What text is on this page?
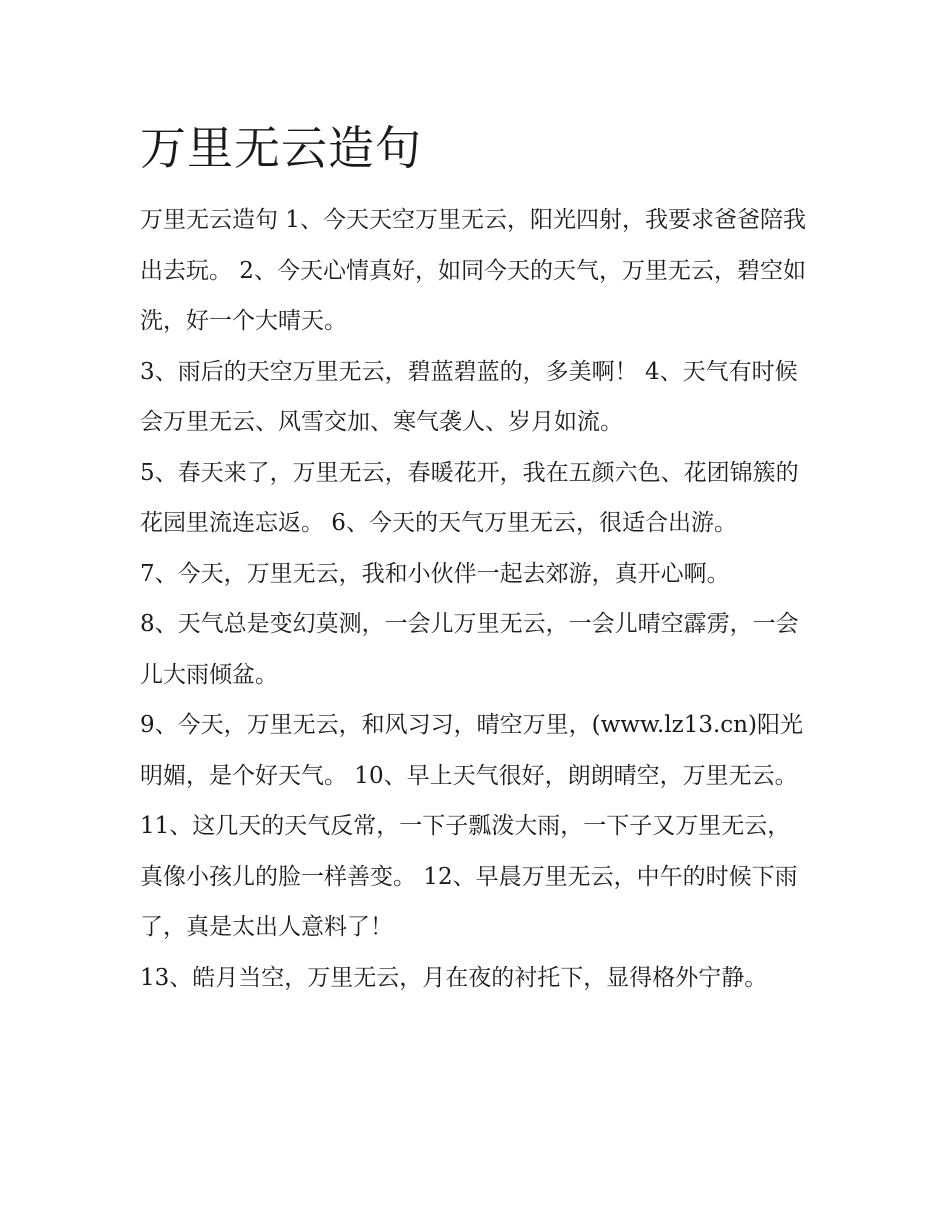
万里无云造句

万里无云造句 1、今天天空万里无云，阳光四射，我要求爸爸陪我出去玩。 2、今天心情真好，如同今天的天气，万里无云，碧空如洗，好一个大晴天。

3、雨后的天空万里无云，碧蓝碧蓝的，多美啊！ 4、天气有时候会万里无云、风雪交加、寒气袭人、岁月如流。

5、春天来了，万里无云，春暖花开，我在五颜六色、花团锦簇的花园里流连忘返。 6、今天的天气万里无云，很适合出游。

7、今天，万里无云，我和小伙伴一起去郊游，真开心啊。

8、天气总是变幻莫测，一会儿万里无云，一会儿晴空霹雳，一会儿大雨倾盆。

9、今天，万里无云，和风习习，晴空万里，(www.lz13.cn)阳光明媚，是个好天气。 10、早上天气很好，朗朗晴空，万里无云。

11、这几天的天气反常，一下子瓢泼大雨，一下子又万里无云，真像小孩儿的脸一样善变。 12、早晨万里无云，中午的时候下雨了，真是太出人意料了！

13、皓月当空，万里无云，月在夜的衬托下，显得格外宁静。
